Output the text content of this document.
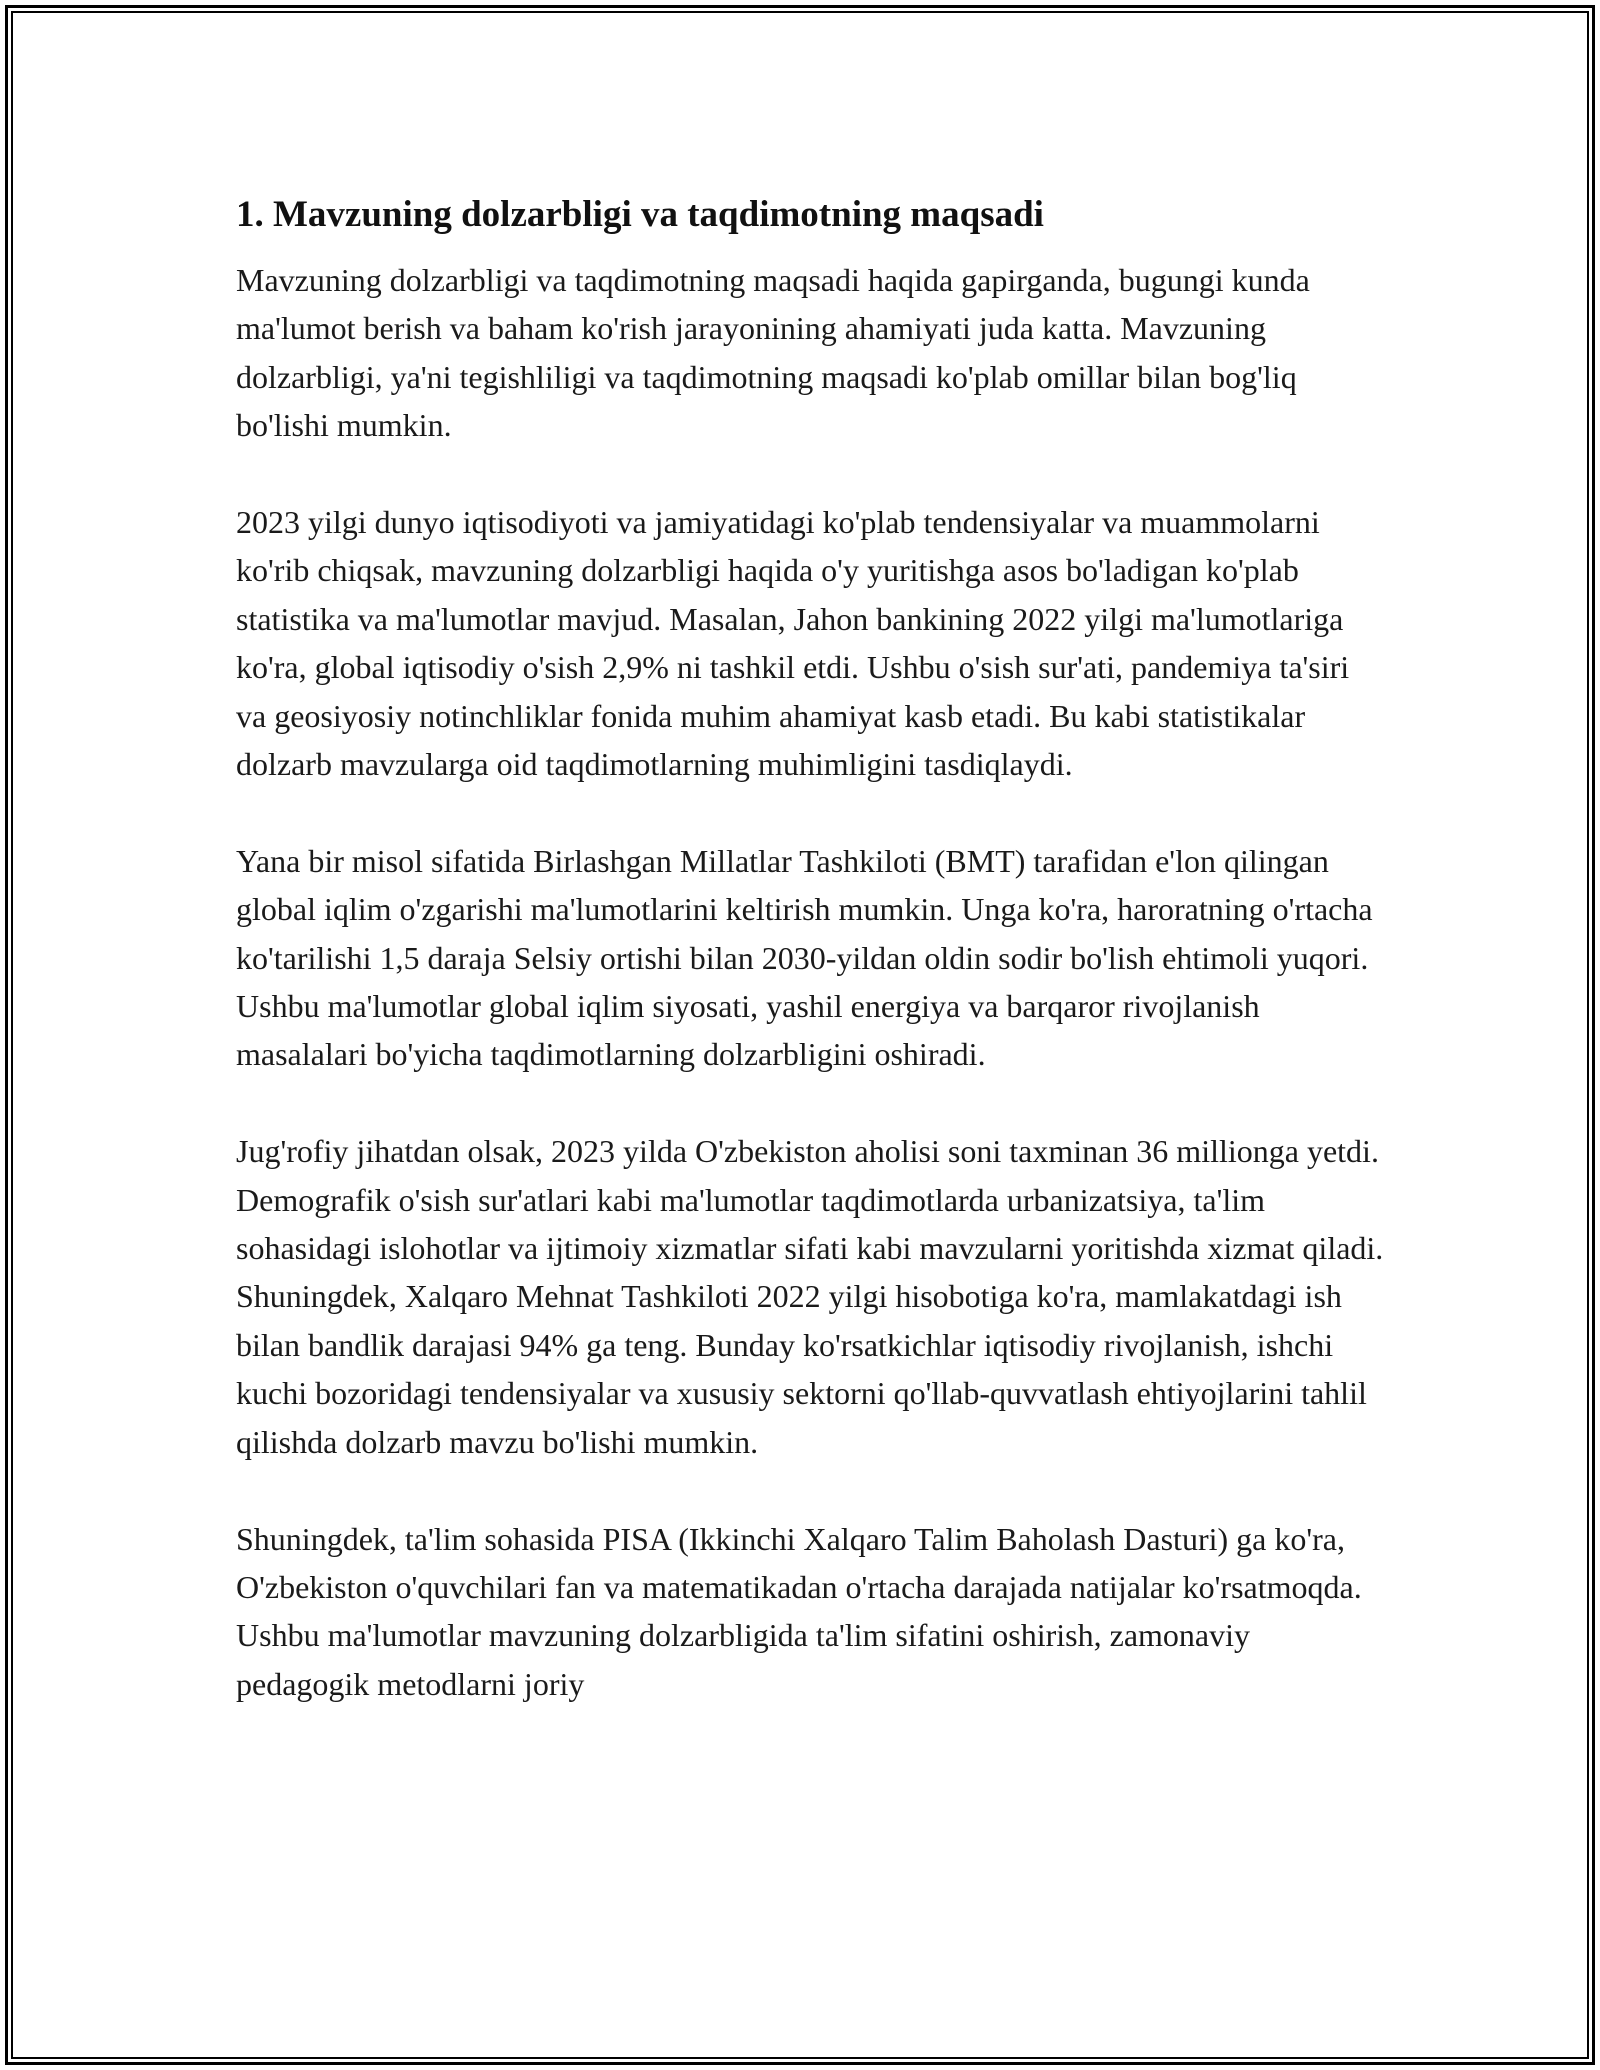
1. Mavzuning dolzarbligi va taqdimotning maqsadi

Mavzuning dolzarbligi va taqdimotning maqsadi haqida gapirganda, bugungi kunda ma'lumot berish va baham ko'rish jarayonining ahamiyati juda katta. Mavzuning dolzarbligi, ya'ni tegishliligi va taqdimotning maqsadi ko'plab omillar bilan bog'liq bo'lishi mumkin.

2023 yilgi dunyo iqtisodiyoti va jamiyatidagi ko'plab tendensiyalar va muammolarni ko'rib chiqsak, mavzuning dolzarbligi haqida o'y yuritishga asos bo'ladigan ko'plab statistika va ma'lumotlar mavjud. Masalan, Jahon bankining 2022 yilgi ma'lumotlariga ko'ra, global iqtisodiy o'sish 2,9% ni tashkil etdi. Ushbu o'sish sur'ati, pandemiya ta'siri va geosiyosiy notinchliklar fonida muhim ahamiyat kasb etadi. Bu kabi statistikalar dolzarb mavzularga oid taqdimotlarning muhimligini tasdiqlaydi.

Yana bir misol sifatida Birlashgan Millatlar Tashkiloti (BMT) tarafidan e'lon qilingan global iqlim o'zgarishi ma'lumotlarini keltirish mumkin. Unga ko'ra, haroratning o'rtacha ko'tarilishi 1,5 daraja Selsiy ortishi bilan 2030-yildan oldin sodir bo'lish ehtimoli yuqori. Ushbu ma'lumotlar global iqlim siyosati, yashil energiya va barqaror rivojlanish masalalari bo'yicha taqdimotlarning dolzarbligini oshiradi.

Jug'rofiy jihatdan olsak, 2023 yilda O'zbekiston aholisi soni taxminan 36 millionga yetdi. Demografik o'sish sur'atlari kabi ma'lumotlar taqdimotlarda urbanizatsiya, ta'lim sohasidagi islohotlar va ijtimoiy xizmatlar sifati kabi mavzularni yoritishda xizmat qiladi. Shuningdek, Xalqaro Mehnat Tashkiloti 2022 yilgi hisobotiga ko'ra, mamlakatdagi ish bilan bandlik darajasi 94% ga teng. Bunday ko'rsatkichlar iqtisodiy rivojlanish, ishchi kuchi bozoridagi tendensiyalar va xususiy sektorni qo'llab-quvvatlash ehtiyojlarini tahlil qilishda dolzarb mavzu bo'lishi mumkin.

Shuningdek, ta'lim sohasida PISA (Ikkinchi Xalqaro Talim Baholash Dasturi) ga ko'ra, O'zbekiston o'quvchilari fan va matematikadan o'rtacha darajada natijalar ko'rsatmoqda. Ushbu ma'lumotlar mavzuning dolzarbligida ta'lim sifatini oshirish, zamonaviy pedagogik metodlarni joriy
